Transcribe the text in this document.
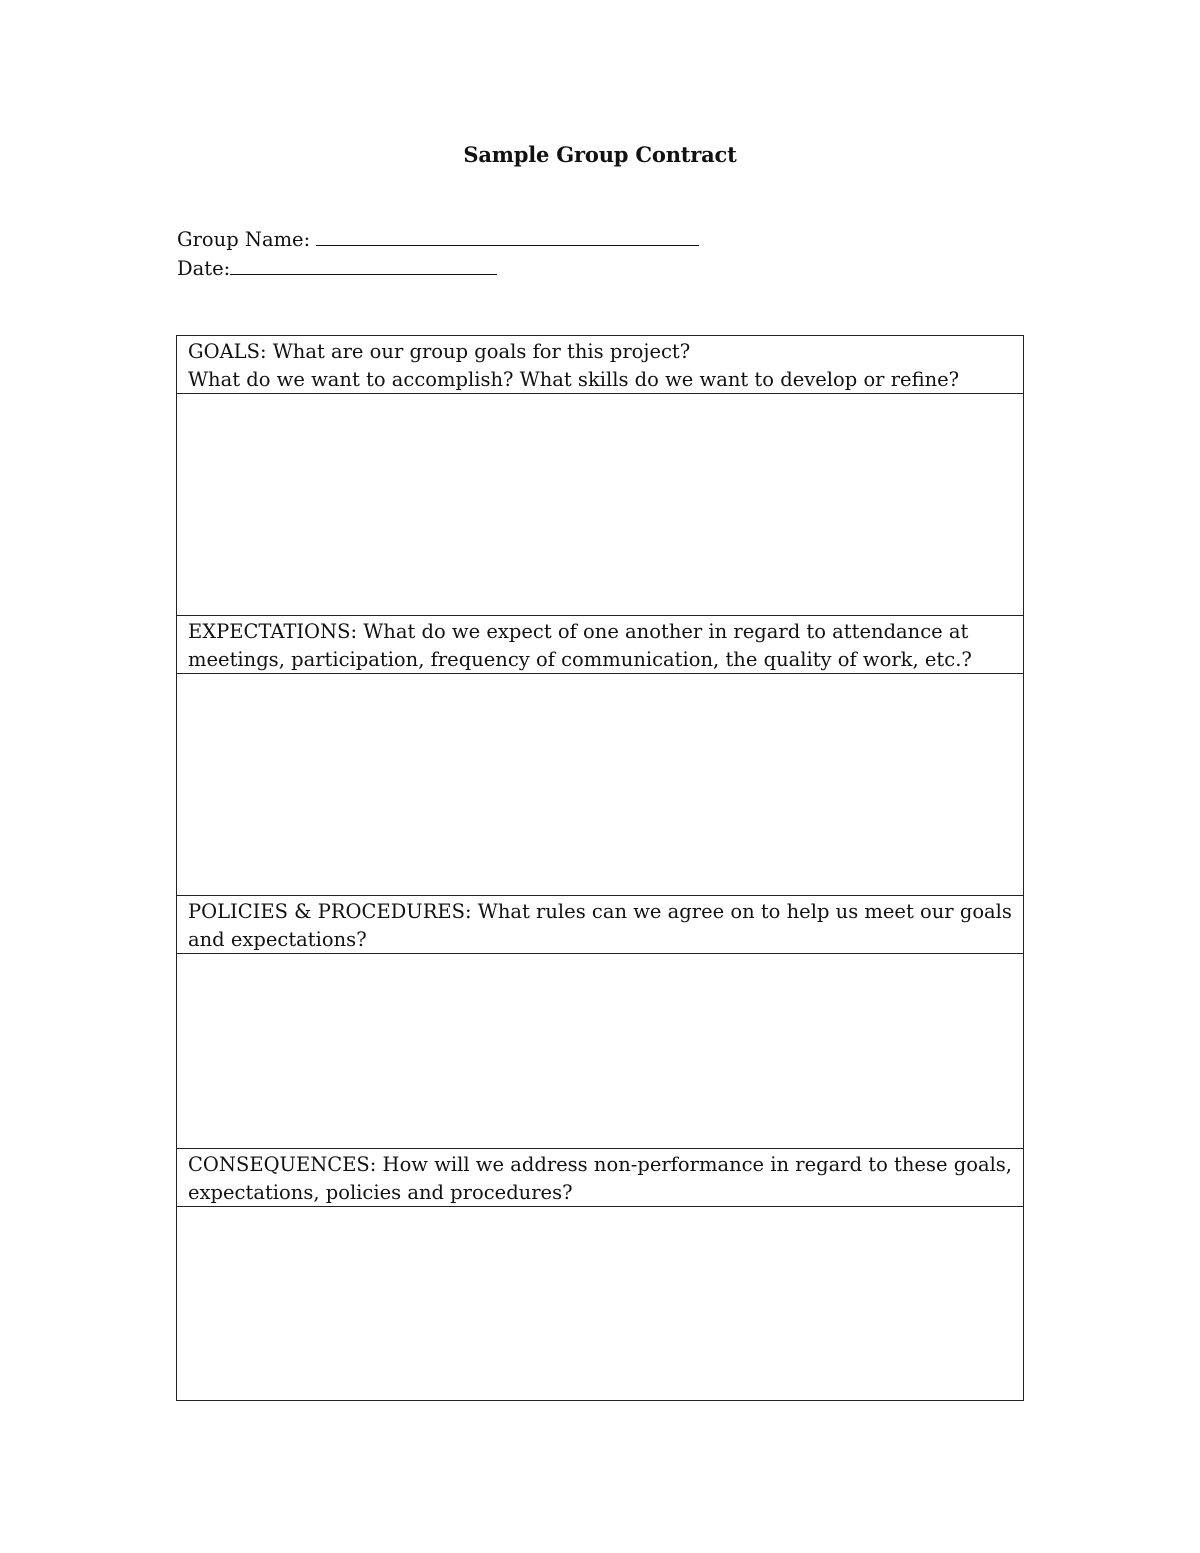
Sample Group Contract
Group Name:
Date:
GOALS: What are our group goals for this project?
What do we want to accomplish? What skills do we want to develop or refine?

EXPECTATIONS: What do we expect of one another in regard to attendance at
meetings, participation, frequency of communication, the quality of work, etc.?

POLICIES & PROCEDURES: What rules can we agree on to help us meet our goals
and expectations?

CONSEQUENCES: How will we address non-performance in regard to these goals,
expectations, policies and procedures?
